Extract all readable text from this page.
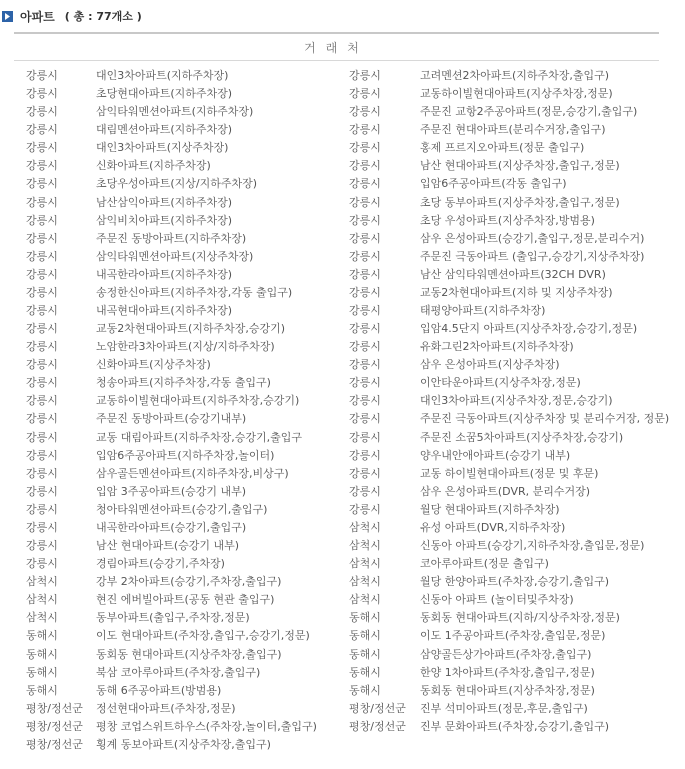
아파트 ( 총 : 77개소 )
거래처
강릉시	대인3차아파트(지하주차장)	강릉시	고려멘션2차아파트(지하주차장,출입구)
강릉시	초당현대아파트(지하주차장)	강릉시	교동하이빌현대아파트(지상주차장,정문)
강릉시	삼익타워멘션아파트(지하주차장)	강릉시	주문진 교항2주공아파트(정문,승강기,출입구)
강릉시	대림멘션아파트(지하주차장)	강릉시	주문진 현대아파트(분리수거장,출입구)
강릉시	대인3차아파트(지상주차장)	강릉시	홍제 프르지오아파트(정문 출입구)
강릉시	신화아파트(지하주차장)	강릉시	남산 현대아파트(지상주차장,출입구,정문)
강릉시	초당우성아파트(지상/지하주차장)	강릉시	입암6주공아파트(각동 출입구)
강릉시	남산삼익아파트(지하주차장)	강릉시	초당 동부아파트(지상주차장,출입구,정문)
강릉시	삼익비치아파트(지하주차장)	강릉시	초당 우성아파트(지상주차장,방범용)
강릉시	주문진 동방아파트(지하주차장)	강릉시	삼우 은성아파트(승강기,출입구,정문,분리수거)
강릉시	삼익타워멘션아파트(지상주차장)	강릉시	주문진 극동아파트 (출입구,승강기,지상주차장)
강릉시	내곡한라아파트(지하주차장)	강릉시	남산 삼익타워멘션아파트(32CH DVR)
강릉시	송정한신아파트(지하주차장,각동 출입구)	강릉시	교동2차현대아파트(지하 및 지상주차장)
강릉시	내곡현대아파트(지하주차장)	강릉시	태평양아파트(지하주차장)
강릉시	교동2차현대아파트(지하주차장,승강기)	강릉시	입암4.5단지 아파트(지상주차장,승강기,정문)
강릉시	노암한라3차아파트(지상/지하주차장)	강릉시	유화그린2차아파트(지하주차장)
강릉시	신화아파트(지상주차장)	강릉시	삼우 은성아파트(지상주차장)
강릉시	청송아파트(지하주차장,각동 출입구)	강릉시	이안타운아파트(지상주차장,정문)
강릉시	교동하이빌현대아파트(지하주차장,승강기)	강릉시	대인3차아파트(지상주차장,정문,승강기)
강릉시	주문진 동방아파트(승강기내부)	강릉시	주문진 극동아파트(지상주차장 및 분리수거장, 정문)
강릉시	교동 대림아파트(지하주차장,승강기,출입구	강릉시	주문진 소꿈5차아파트(지상주차장,승강기)
강릉시	입암6주공아파트(지하주차장,놀이터)	강릉시	양우내안애아파트(승강기 내부)
강릉시	삼우골든멘션아파트(지하주차장,비상구)	강릉시	교동 하이빌현대아파트(정문 및 후문)
강릉시	입암 3주공아파트(승강기 내부)	강릉시	삼우 은성아파트(DVR, 분리수거장)
강릉시	청아타워멘션아파트(승강기,출입구)	강릉시	월당 현대아파트(지하주차장)
강릉시	내곡한라아파트(승강기,출입구)	삼척시	유성 아파트(DVR,지하주차장)
강릉시	남산 현대아파트(승강기 내부)	삼척시	신동아 아파트(승강기,지하주차장,출입문,정문)
강릉시	경림아파트(승강기,주차장)	삼척시	코아루아파트(정문 출입구)
삼척시	강부 2차아파트(승강기,주차장,출입구)	삼척시	월당 한양아파트(주차장,승강기,출입구)
삼척시	현진 에버빌아파트(공동 현관 출입구)	삼척시	신동아 아파트 (놀이터및주차장)
삼척시	동부아파트(출입구,주차장,정문)	동해시	동회동 현대아파트(지하/지상주차장,정문)
동해시	이도 현대아파트(주차장,출입구,승강기,정문)	동해시	이도 1주공아파트(주차장,출입문,정문)
동해시	동회동 현대아파트(지상주차장,출입구)	동해시	삼양골든상가아파트(주차장,출입구)
동해시	북삼 코아루아파트(주차장,출입구)	동해시	한양 1차아파트(주차장,출입구,정문)
동해시	동해 6주공아파트(방범용)	동해시	동회동 현대아파트(지상주차장,정문)
평창/정선군 정선현대아파트(주차장,정문)	평창/정선군 진부 석미아파트(정문,후문,출입구)
평창/정선군 평창 코업스위트하우스(주차장,놀이터,출입구)	평창/정선군 진부 문화아파트(주차장,승강기,출입구)
평창/정선군 횡계 동보아파트(지상주차장,출입구)
